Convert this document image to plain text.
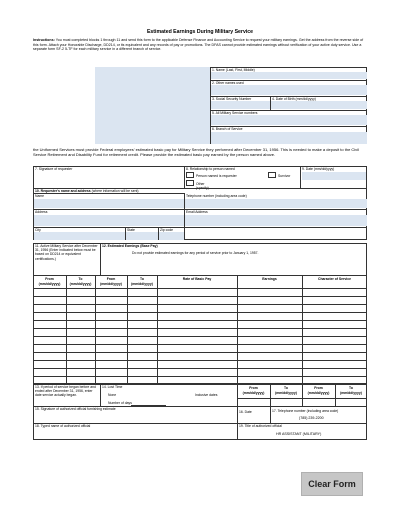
Estimated Earnings During Military Service
Instructions: You must completed blocks 1 through 11 and send this form to the applicable Defense Finance and Accounting Service to request your military earnings. Get the address from the reverse side of this form. Attach your Honorable Discharge, DD214, or its equivalent and any records of pay or promotions. The DFAS cannot provide estimated earnings without verification of your active duty service. Use a separate form SF-2 5-TF for each military service in a different branch of service.
1. Name (Last, First, Middle)
2. Other names used
3. Social Security Number	4. Date of Birth (mm/dd/yyyy)
5. All Military Service numbers
6. Branch of Service
the Uniformed Services must provide Federal employees' estimated basic pay for Military Service they performed after December 31, 1956. This is needed to make a deposit to the Civil Service Retirement and Disability Fund for retirement credit. Please provide the estimated basic pay earned by the person named above.
7. Signature of requester	8. Relationship to person named	9. Date (mm/dd/yyyy)
Person named is requester	Survivor
Other
(specify)
10. Requester's name and address (where information will be sent)
Name	Telephone number (including area code)
Address	Email Address
City	State	Zip code
11. Active Military Service after December 31, 1956 (Enter indicated below must be based on DD214 or equivalent certifications.)
12. Estimated Earnings (Base Pay)
Do not provide estimated earnings for any period of service prior to January 1, 1957.
From	To	From	To	Rate of Basic Pay	Earnings	Character of Service
(mm/dd/yyyy)	(mm/dd/yyyy)	(mm/dd/yyyy)	(mm/dd/yyyy)
13. If period of service began before and ended after December 31, 1956, enter date service actually began.
14. Lost Time
None	Inclusive dates
Number of days
From	To	From	To
(mm/dd/yyyy)	(mm/dd/yyyy)	(mm/dd/yyyy)	(mm/dd/yyyy)
15. Signature of authorized official furnishing estimate
16. Date	17. Telephone number (including area code)
(785) 239-2200
18. Typed name of authorized official	19. Title of authorized official
HR ASSISTANT (MILITARY)
Clear Form
